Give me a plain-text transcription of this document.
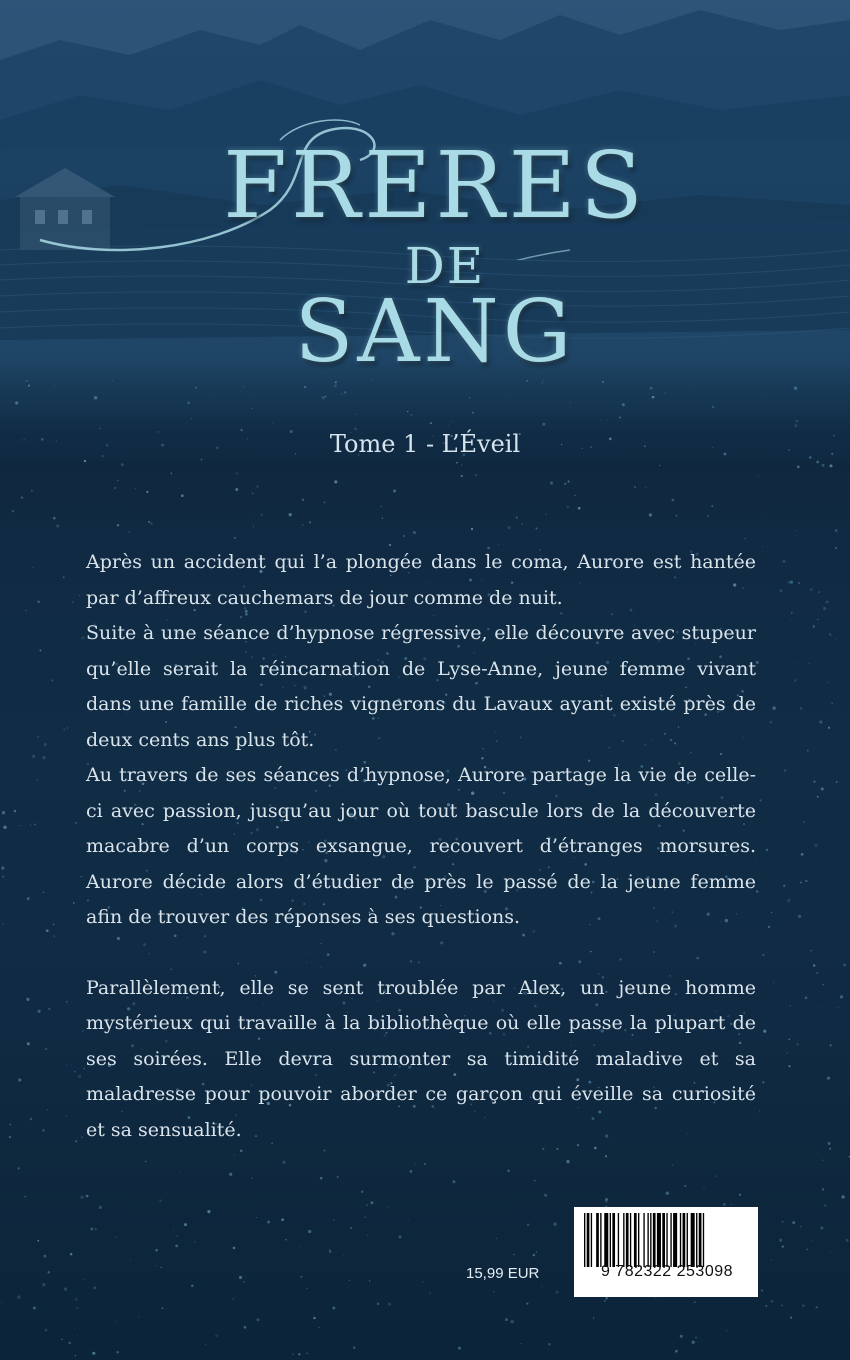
FRERES
DE
SANG
Tome 1 - L’Éveil

Après un accident qui l’a plongée dans le coma, Aurore est hantée par d’affreux cauchemars de jour comme de nuit.

Suite à une séance d’hypnose régressive, elle découvre avec stupeur qu’elle serait la réincarnation de Lyse-Anne, jeune femme vivant dans une famille de riches vignerons du Lavaux ayant existé près de deux cents ans plus tôt.

Au travers de ses séances d’hypnose, Aurore partage la vie de celle-ci avec passion, jusqu’au jour où tout bascule lors de la découverte macabre d’un corps exsangue, recouvert d’étranges morsures. Aurore décide alors d’étudier de près le passé de la jeune femme afin de trouver des réponses à ses questions.

Parallèlement, elle se sent troublée par Alex, un jeune homme mystérieux qui travaille à la bibliothèque où elle passe la plupart de ses soirées. Elle devra surmonter sa timidité maladive et sa maladresse pour pouvoir aborder ce garçon qui éveille sa curiosité et sa sensualité.

15,99 EUR	9 782322 253098
